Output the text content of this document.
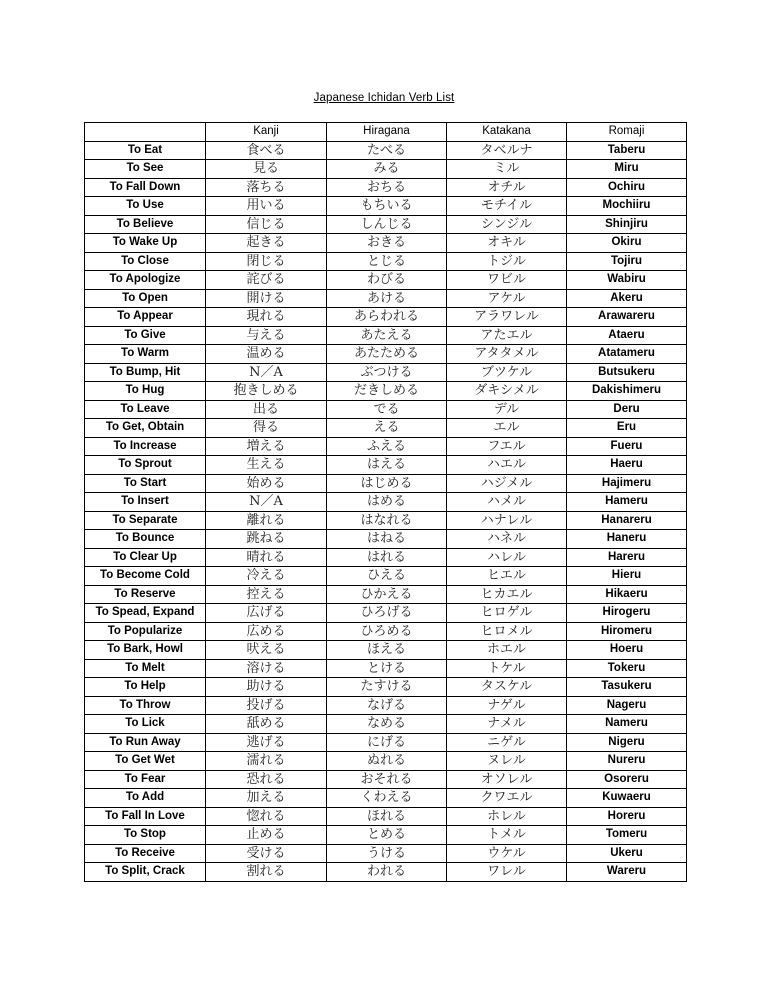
Japanese Ichidan Verb List
	Kanji	Hiragana	Katakana	Romaji
To Eat	食べる	たべる	タベルナ	Taberu
To See	見る	みる	ミル	Miru
To Fall Down	落ちる	おちる	オチル	Ochiru
To Use	用いる	もちいる	モチイル	Mochiiru
To Believe	信じる	しんじる	シンジル	Shinjiru
To Wake Up	起きる	おきる	オキル	Okiru
To Close	閉じる	とじる	トジル	Tojiru
To Apologize	詫びる	わびる	ワビル	Wabiru
To Open	開ける	あける	アケル	Akeru
To Appear	現れる	あらわれる	アラワレル	Arawareru
To Give	与える	あたえる	アたエル	Ataeru
To Warm	温める	あたためる	アタタメル	Atatameru
To Bump, Hit	N／A	ぶつける	ブツケル	Butsukeru
To Hug	抱きしめる	だきしめる	ダキシメル	Dakishimeru
To Leave	出る	でる	デル	Deru
To Get, Obtain	得る	える	エル	Eru
To Increase	増える	ふえる	フエル	Fueru
To Sprout	生える	はえる	ハエル	Haeru
To Start	始める	はじめる	ハジメル	Hajimeru
To Insert	N／A	はめる	ハメル	Hameru
To Separate	離れる	はなれる	ハナレル	Hanareru
To Bounce	跳ねる	はねる	ハネル	Haneru
To Clear Up	晴れる	はれる	ハレル	Hareru
To Become Cold	冷える	ひえる	ヒエル	Hieru
To Reserve	控える	ひかえる	ヒカエル	Hikaeru
To Spead, Expand	広げる	ひろげる	ヒロゲル	Hirogeru
To Popularize	広める	ひろめる	ヒロメル	Hiromeru
To Bark, Howl	吠える	ほえる	ホエル	Hoeru
To Melt	溶ける	とける	トケル	Tokeru
To Help	助ける	たすける	タスケル	Tasukeru
To Throw	投げる	なげる	ナゲル	Nageru
To Lick	舐める	なめる	ナメル	Nameru
To Run Away	逃げる	にげる	ニゲル	Nigeru
To Get Wet	濡れる	ぬれる	ヌレル	Nureru
To Fear	恐れる	おそれる	オソレル	Osoreru
To Add	加える	くわえる	クワエル	Kuwaeru
To Fall In Love	惚れる	ほれる	ホレル	Horeru
To Stop	止める	とめる	トメル	Tomeru
To Receive	受ける	うける	ウケル	Ukeru
To Split, Crack	割れる	われる	ワレル	Wareru
